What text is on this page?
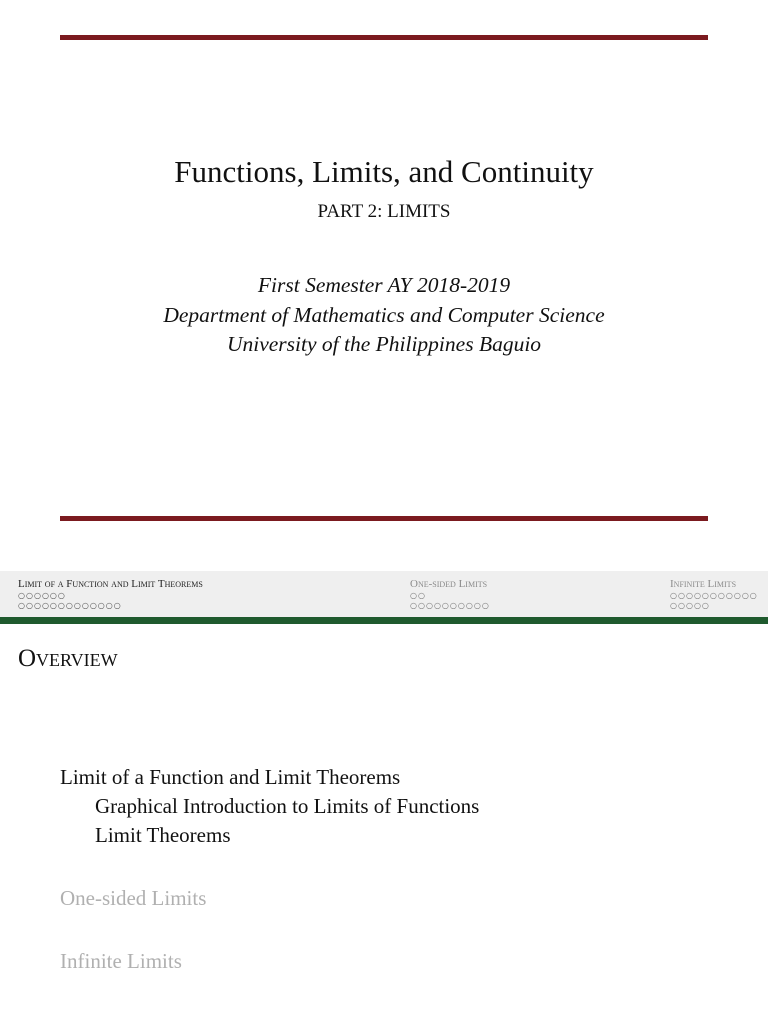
Functions, Limits, and Continuity
PART 2: LIMITS
First Semester AY 2018-2019
Department of Mathematics and Computer Science
University of the Philippines Baguio
Limit of a Function and Limit Theorems
○○○○○○
○○○○○○○○○○○○○
One-sided Limits
○○
○○○○○○○○○○
Infinite Limits
○○○○○○○○○○○
○○○○○
Overview
Limit of a Function and Limit Theorems
Graphical Introduction to Limits of Functions
Limit Theorems
One-sided Limits
Infinite Limits
